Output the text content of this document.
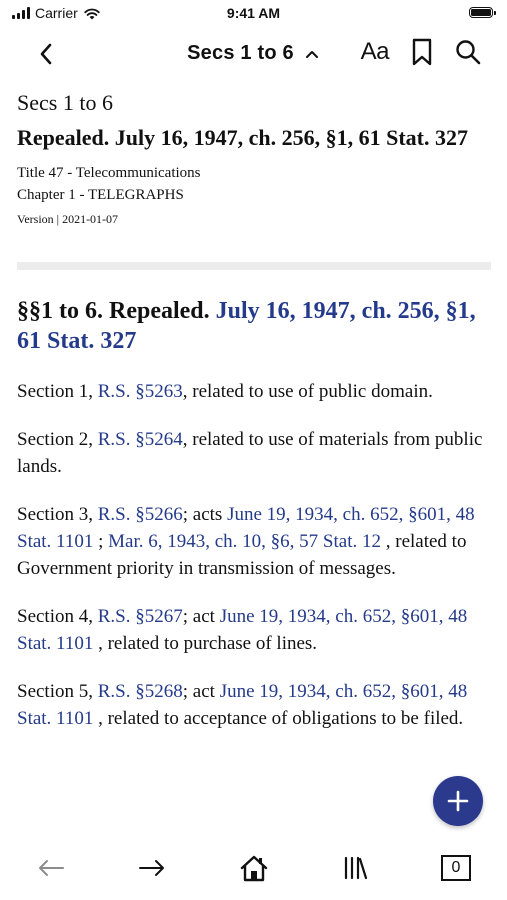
Carrier	9:41 AM
Secs 1 to 6	Aa
Secs 1 to 6
Repealed. July 16, 1947, ch. 256, §1, 61 Stat. 327
Title 47 - Telecommunications
Chapter 1 - TELEGRAPHS
Version | 2021-01-07
§§1 to 6. Repealed. July 16, 1947, ch. 256, §1, 61 Stat. 327

Section 1, R.S. §5263, related to use of public domain.

Section 2, R.S. §5264, related to use of materials from public lands.

Section 3, R.S. §5266; acts June 19, 1934, ch. 652, §601, 48 Stat. 1101 ; Mar. 6, 1943, ch. 10, §6, 57 Stat. 12 , related to Government priority in transmission of messages.

Section 4, R.S. §5267; act June 19, 1934, ch. 652, §601, 48 Stat. 1101 , related to purchase of lines.

Section 5, R.S. §5268; act June 19, 1934, ch. 652, §601, 48 Stat. 1101 , related to acceptance of obligations to be filed.

0
